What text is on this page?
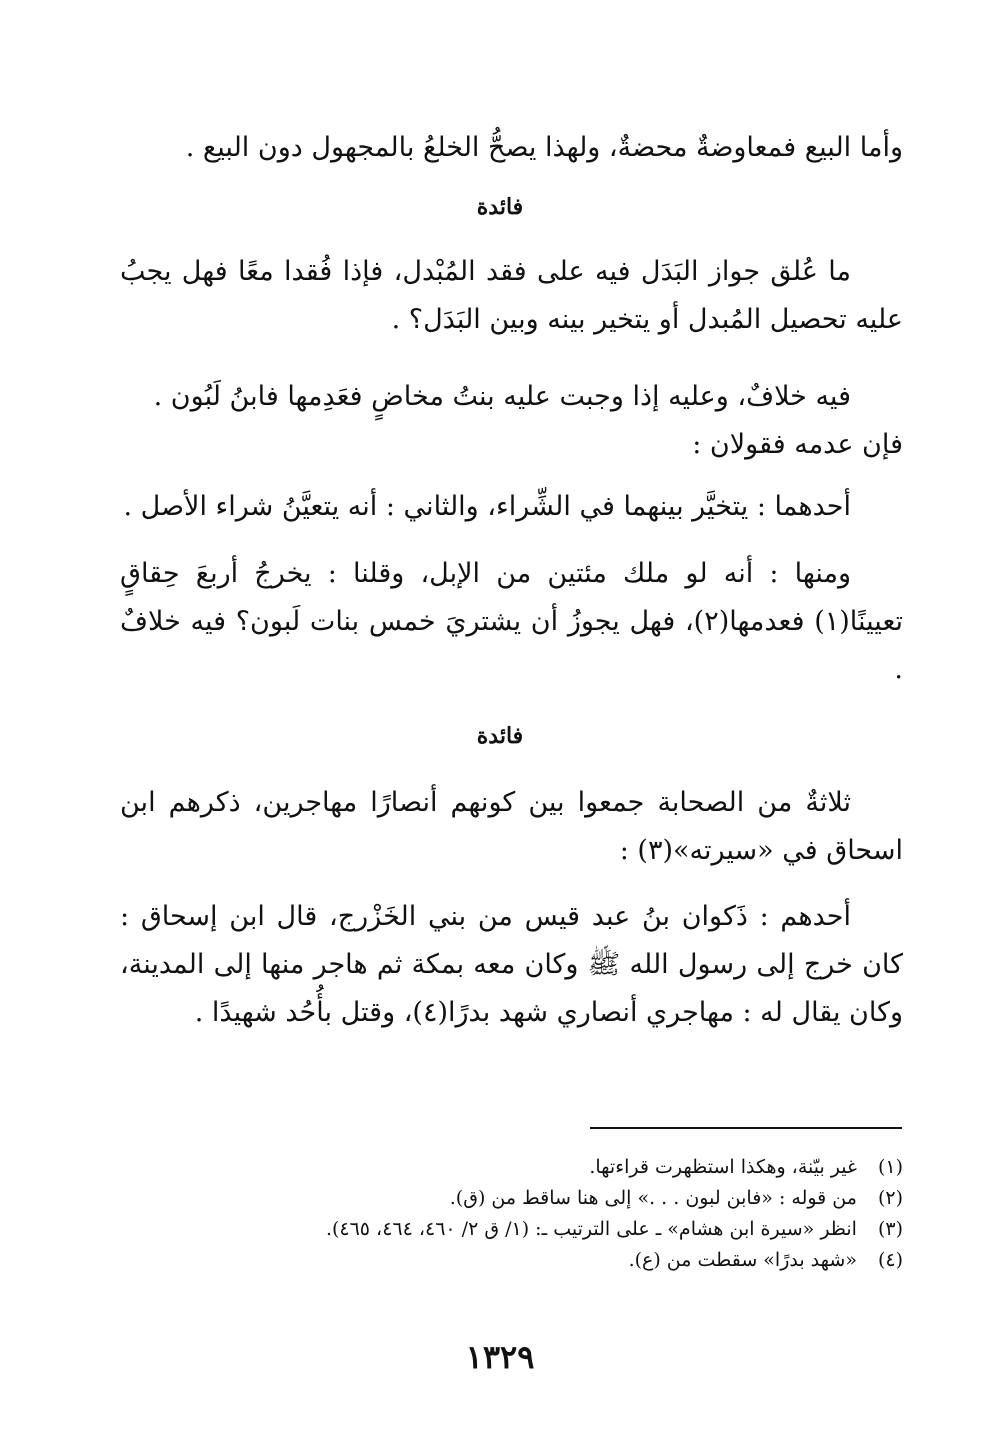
وأما البيع فمعاوضةٌ محضةٌ، ولهذا يصحُّ الخلعُ بالمجهول دون البيع .

فائدة

ما عُلق جواز البَدَل فيه على فقد المُبْدل، فإذا فُقدا معًا فهل يجبُ عليه تحصيل المُبدل أو يتخير بينه وبين البَدَل؟ .

فيه خلافٌ، وعليه إذا وجبت عليه بنتُ مخاضٍ فعَدِمها فابنُ لَبُون .

فإن عدمه فقولان :

أحدهما : يتخيَّر بينهما في الشِّراء، والثاني : أنه يتعيَّنُ شراء الأصل .

ومنها : أنه لو ملك مئتين من الإبل، وقلنا : يخرجُ أربعَ حِقاقٍ تعيينًا(١) فعدمها(٢)، فهل يجوزُ أن يشتريَ خمس بنات لَبون؟ فيه خلافٌ .

فائدة

ثلاثةٌ من الصحابة جمعوا بين كونهم أنصارًا مهاجرين، ذكرهم ابن اسحاق في «سيرته»(٣) :

أحدهم : ذَكوان بنُ عبد قيس من بني الخَزْرج، قال ابن إسحاق : كان خرج إلى رسول الله ﷺ وكان معه بمكة ثم هاجر منها إلى المدينة، وكان يقال له : مهاجري أنصاري شهد بدرًا(٤)، وقتل بأُحُد شهيدًا .

(١) غير بيّنة، وهكذا استظهرت قراءتها.
(٢) من قوله : «فابن لبون . . .» إلى هنا ساقط من (ق).
(٣) انظر «سيرة ابن هشام» ـ على الترتيب ـ: (١/ ق ٢/ ٤٦٠، ٤٦٤، ٤٦٥).
(٤) «شهد بدرًا» سقطت من (ع).
١٣٢٩
